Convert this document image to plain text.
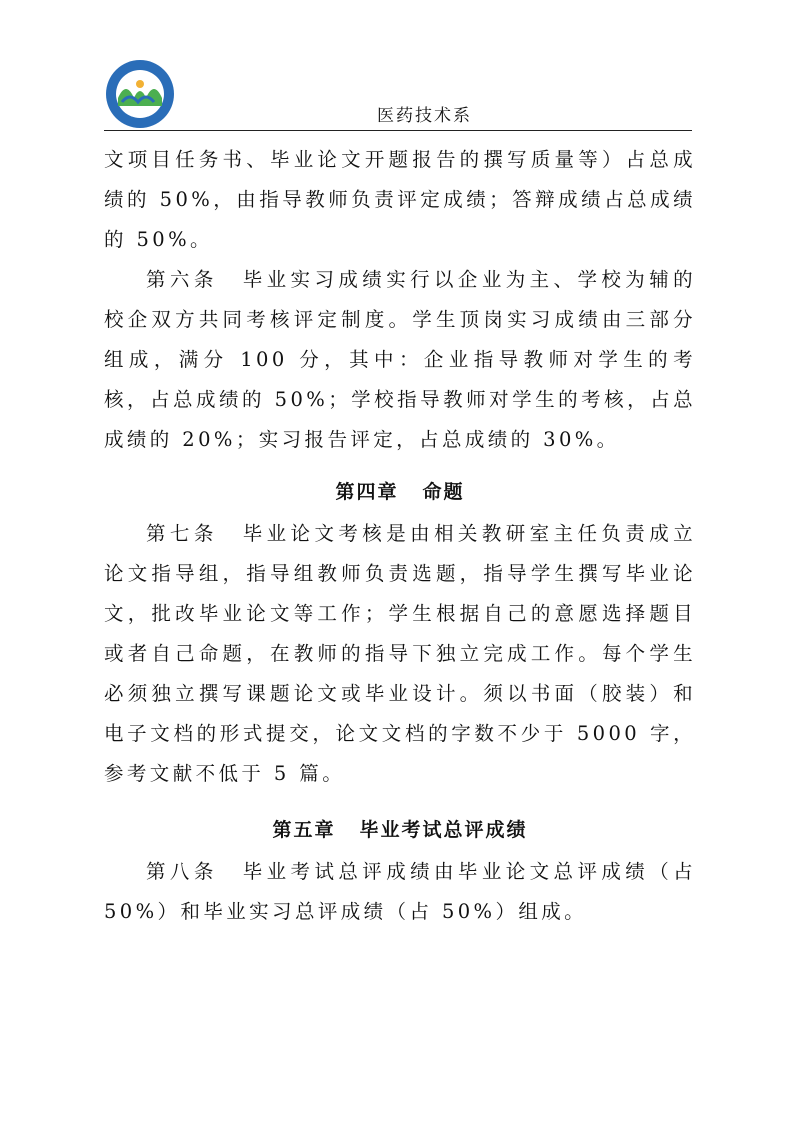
医药技术系

文项目任务书、毕业论文开题报告的撰写质量等）占总成绩的 50%，由指导教师负责评定成绩；答辩成绩占总成绩的 50%。

第六条 毕业实习成绩实行以企业为主、学校为辅的校企双方共同考核评定制度。学生顶岗实习成绩由三部分组成，满分 100 分，其中：企业指导教师对学生的考核，占总成绩的 50%；学校指导教师对学生的考核，占总成绩的 20%；实习报告评定，占总成绩的 30%。

第四章 命题

第七条 毕业论文考核是由相关教研室主任负责成立论文指导组，指导组教师负责选题，指导学生撰写毕业论文，批改毕业论文等工作；学生根据自己的意愿选择题目或者自己命题，在教师的指导下独立完成工作。每个学生必须独立撰写课题论文或毕业设计。须以书面（胶装）和电子文档的形式提交，论文文档的字数不少于 5000 字，参考文献不低于 5 篇。

第五章 毕业考试总评成绩

第八条 毕业考试总评成绩由毕业论文总评成绩（占 50%）和毕业实习总评成绩（占 50%）组成。
